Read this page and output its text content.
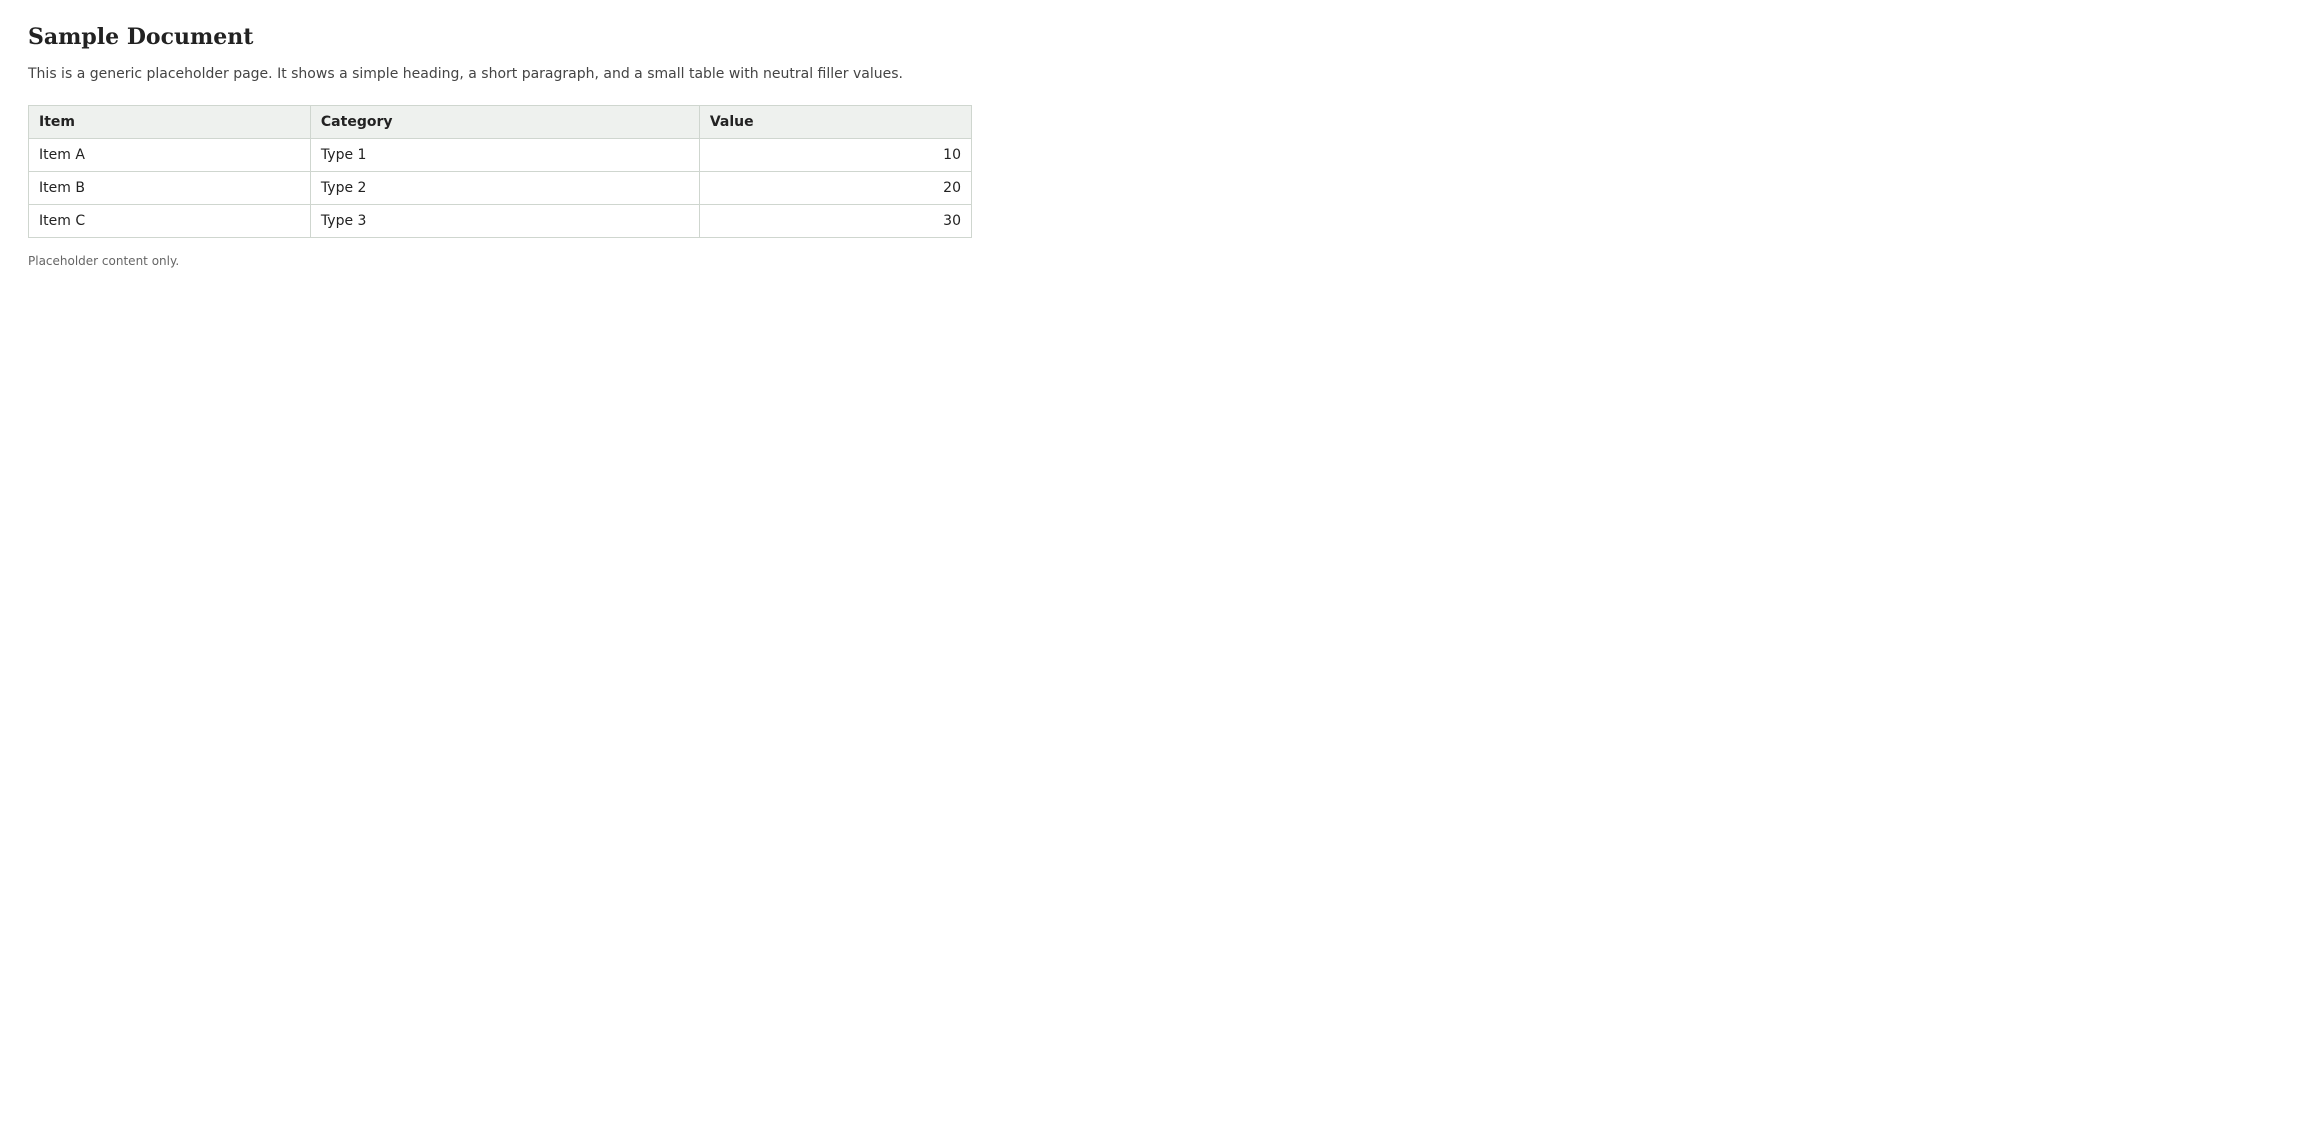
Sample Document

This is a generic placeholder page. It shows a simple heading, a short paragraph, and a small table with neutral filler values.

Item	Category	Value
Item A	Type 1	10
Item B	Type 2	20
Item C	Type 3	30
Placeholder content only.
